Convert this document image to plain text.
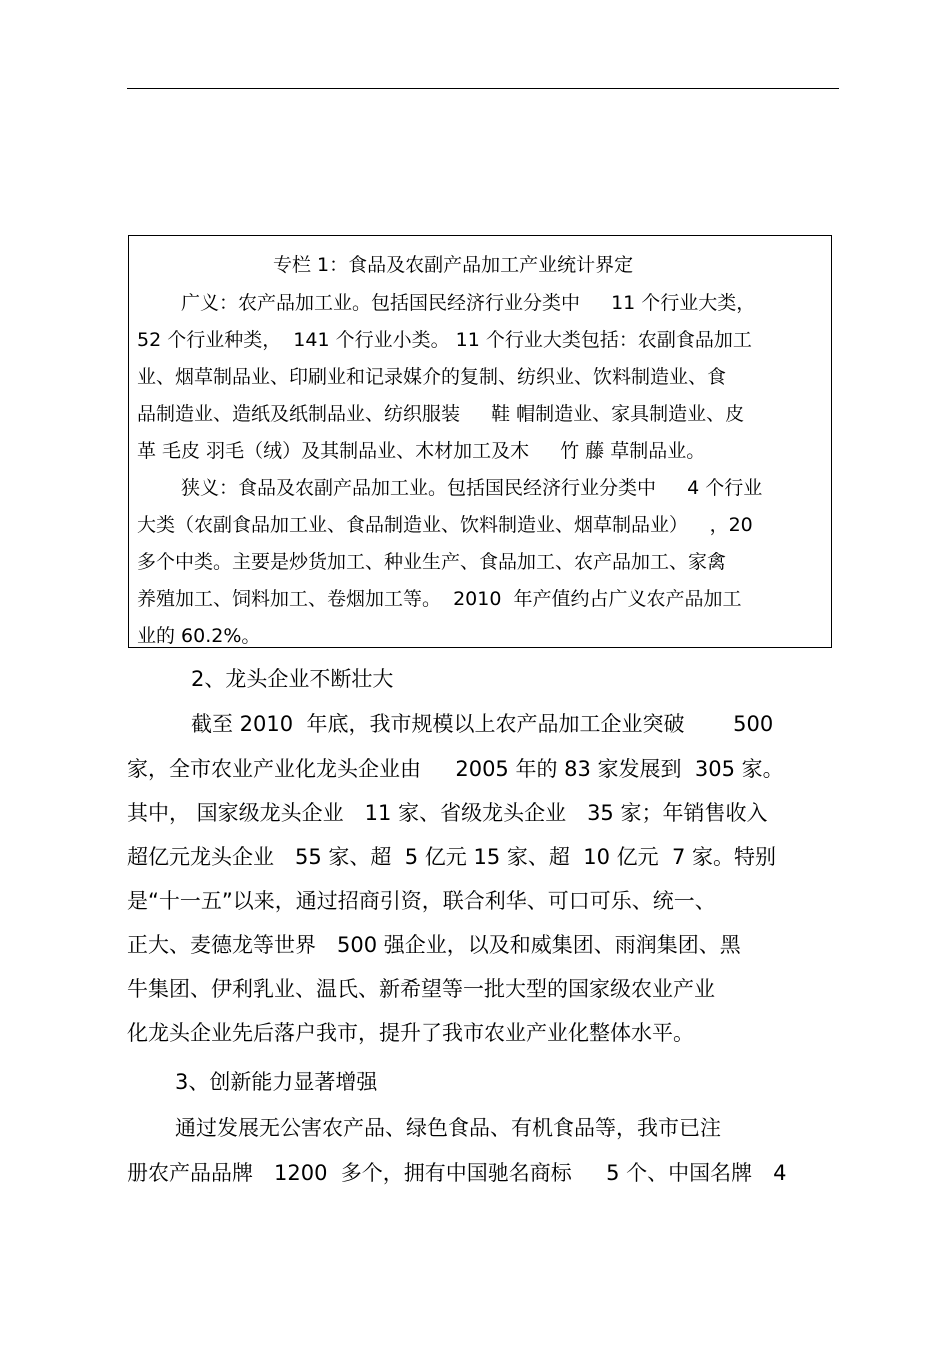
专栏 1：食品及农副产品加工产业统计界定
广义：农产品加工业。包括国民经济行业分类中　  11 个行业大类，
52 个行业种类，  141 个行业小类。 11 个行业大类包括：农副食品加工
业、烟草制品业、印刷业和记录媒介的复制、纺织业、饮料制造业、食
品制造业、造纸及纸制品业、纺织服装　  鞋 帽制造业、家具制造业、皮
革 毛皮 羽毛（绒）及其制品业、木材加工及木　  竹 藤 草制品业。
狭义：食品及农副产品加工业。包括国民经济行业分类中　  4 个行业
大类（农副食品加工业、食品制造业、饮料制造业、烟草制品业）　  ，20
多个中类。主要是炒货加工、种业生产、食品加工、农产品加工、家禽
养殖加工、饲料加工、卷烟加工等。  2010  年产值约占广义农产品加工
业的 60.2%。
2、龙头企业不断壮大
截至 2010  年底，我市规模以上农产品加工企业突破　　 500
家，全市农业产业化龙头企业由　  2005 年的 83 家发展到  305 家。
其中， 国家级龙头企业　11 家、省级龙头企业　35 家；年销售收入
超亿元龙头企业　55 家、超  5 亿元 15 家、超  10 亿元  7 家。特别
是“十一五”以来，通过招商引资，联合利华、可口可乐、统一、
正大、麦德龙等世界　500 强企业，以及和威集团、雨润集团、黑
牛集团、伊利乳业、温氏、新希望等一批大型的国家级农业产业
化龙头企业先后落户我市，提升了我市农业产业化整体水平。
3、创新能力显著增强
通过发展无公害农产品、绿色食品、有机食品等，我市已注
册农产品品牌　1200  多个，拥有中国驰名商标　  5 个、中国名牌　4
